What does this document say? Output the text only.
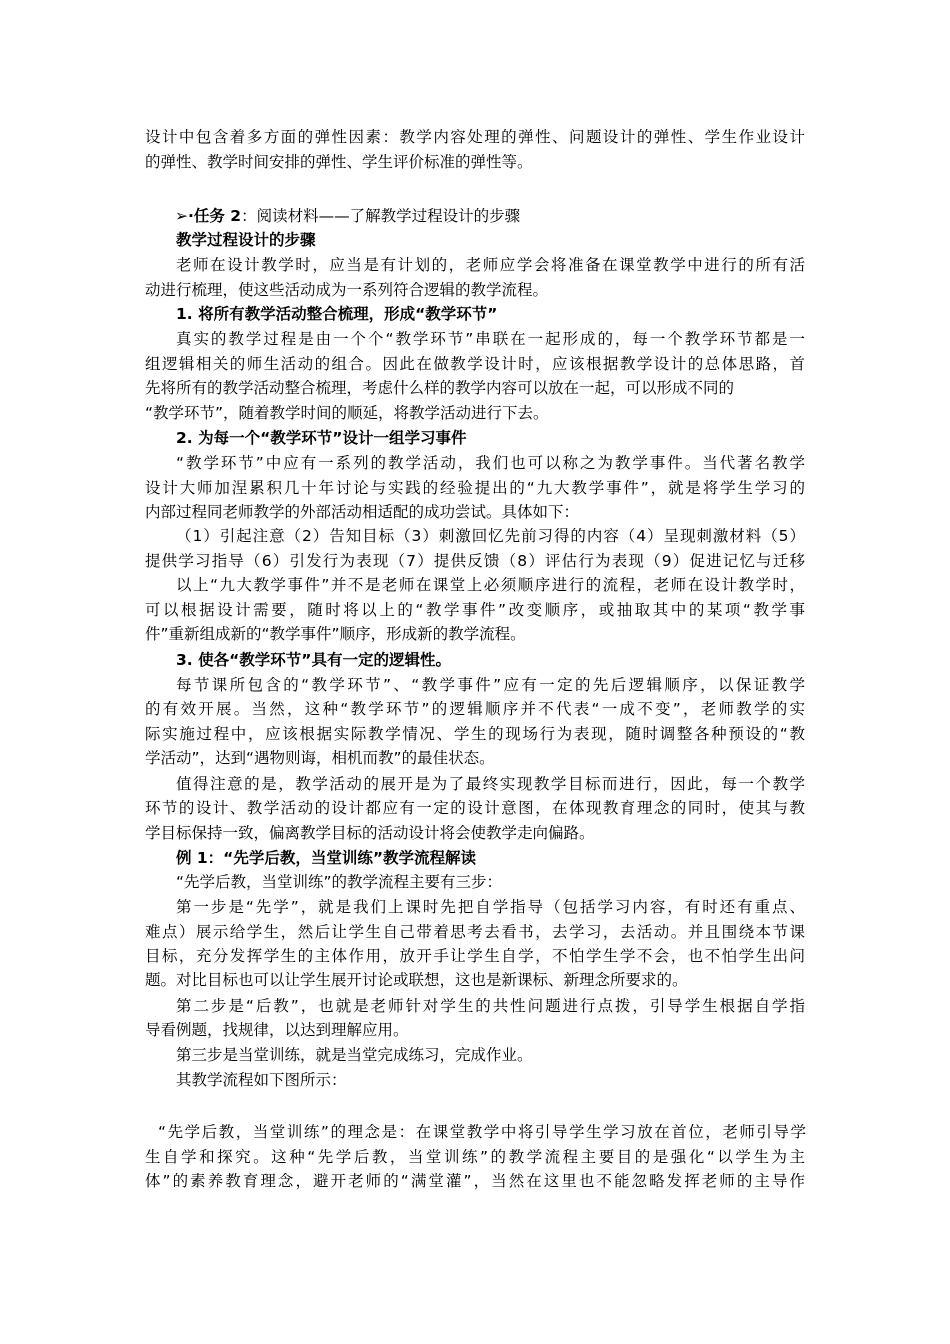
设计中包含着多方面的弹性因素：教学内容处理的弹性、问题设计的弹性、学生作业设计
的弹性、教学时间安排的弹性、学生评价标准的弹性等。
➢·任务 2：阅读材料——了解教学过程设计的步骤
教学过程设计的步骤
老师在设计教学时，应当是有计划的，老师应学会将准备在课堂教学中进行的所有活
动进行梳理，使这些活动成为一系列符合逻辑的教学流程。
1. 将所有教学活动整合梳理，形成“教学环节”
真实的教学过程是由一个个“教学环节”串联在一起形成的，每一个教学环节都是一
组逻辑相关的师生活动的组合。因此在做教学设计时，应该根据教学设计的总体思路，首
先将所有的教学活动整合梳理，考虑什么样的教学内容可以放在一起，可以形成不同的
“教学环节”，随着教学时间的顺延，将教学活动进行下去。
2. 为每一个“教学环节”设计一组学习事件
“教学环节”中应有一系列的教学活动，我们也可以称之为教学事件。当代著名教学
设计大师加涅累积几十年讨论与实践的经验提出的“九大教学事件”，就是将学生学习的
内部过程同老师教学的外部活动相适配的成功尝试。具体如下：
（1）引起注意（2）告知目标（3）刺激回忆先前习得的内容（4）呈现刺激材料（5）
提供学习指导（6）引发行为表现（7）提供反馈（8）评估行为表现（9）促进记忆与迁移
以上“九大教学事件”并不是老师在课堂上必须顺序进行的流程，老师在设计教学时，
可以根据设计需要，随时将以上的“教学事件”改变顺序，或抽取其中的某项“教学事
件”重新组成新的“教学事件”顺序，形成新的教学流程。
3. 使各“教学环节”具有一定的逻辑性。
每节课所包含的“教学环节”、“教学事件”应有一定的先后逻辑顺序，以保证教学
的有效开展。当然，这种“教学环节”的逻辑顺序并不代表“一成不变”，老师教学的实
际实施过程中，应该根据实际教学情况、学生的现场行为表现，随时调整各种预设的“教
学活动”，达到“遇物则诲，相机而教”的最佳状态。
值得注意的是，教学活动的展开是为了最终实现教学目标而进行，因此，每一个教学
环节的设计、教学活动的设计都应有一定的设计意图，在体现教育理念的同时，使其与教
学目标保持一致，偏离教学目标的活动设计将会使教学走向偏路。
例 1：“先学后教，当堂训练”教学流程解读
“先学后教，当堂训练”的教学流程主要有三步：
第一步是“先学”，就是我们上课时先把自学指导（包括学习内容，有时还有重点、
难点）展示给学生，然后让学生自己带着思考去看书，去学习，去活动。并且围绕本节课
目标，充分发挥学生的主体作用，放开手让学生自学，不怕学生学不会，也不怕学生出问
题。对比目标也可以让学生展开讨论或联想，这也是新课标、新理念所要求的。
第二步是“后教”，也就是老师针对学生的共性问题进行点拨，引导学生根据自学指
导看例题，找规律，以达到理解应用。
第三步是当堂训练，就是当堂完成练习，完成作业。
其教学流程如下图所示：
“先学后教，当堂训练”的理念是：在课堂教学中将引导学生学习放在首位，老师引导学
生自学和探究。这种“先学后教，当堂训练”的教学流程主要目的是强化“以学生为主
体”的素养教育理念，避开老师的“满堂灌”，当然在这里也不能忽略发挥老师的主导作
